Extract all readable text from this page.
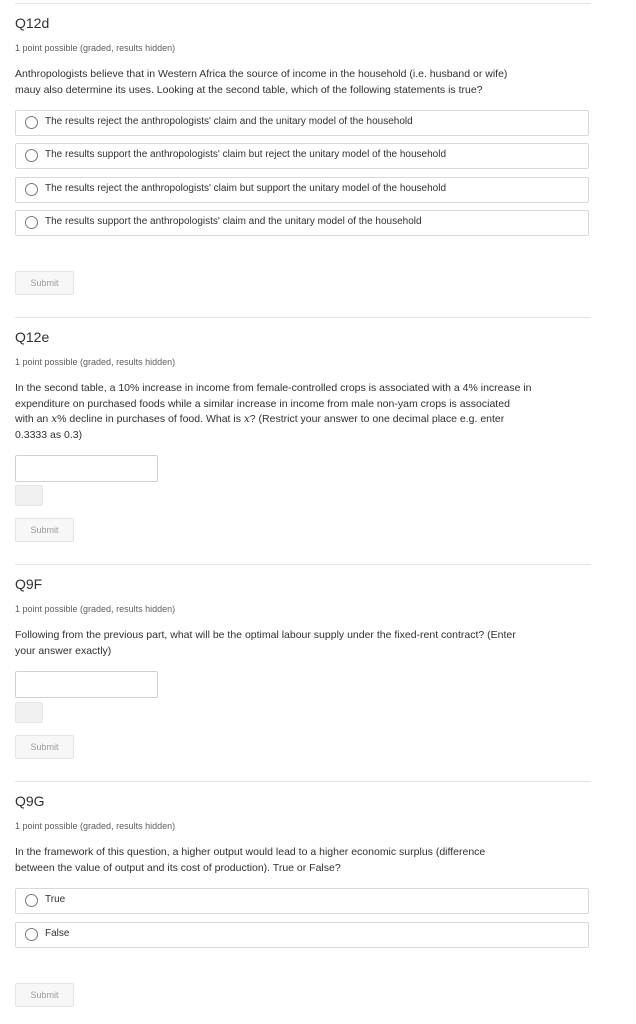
Q12d
1 point possible (graded, results hidden)
Anthropologists believe that in Western Africa the source of income in the household (i.e. husband or wife)
mauy also determine its uses. Looking at the second table, which of the following statements is true?
The results reject the anthropologists' claim and the unitary model of the household
The results support the anthropologists' claim but reject the unitary model of the household
The results reject the anthropologists' claim but support the unitary model of the household
The results support the anthropologists' claim and the unitary model of the household
Submit
Q12e
1 point possible (graded, results hidden)
In the second table, a 10% increase in income from female-controlled crops is associated with a 4% increase in
expenditure on purchased foods while a similar increase in income from male non-yam crops is associated
with an x% decline in purchases of food. What is x? (Restrict your answer to one decimal place e.g. enter
0.3333 as 0.3)
Submit
Q9F
1 point possible (graded, results hidden)
Following from the previous part, what will be the optimal labour supply under the fixed-rent contract? (Enter
your answer exactly)
Submit
Q9G
1 point possible (graded, results hidden)
In the framework of this question, a higher output would lead to a higher economic surplus (difference
between the value of output and its cost of production). True or False?
True
False
Submit
